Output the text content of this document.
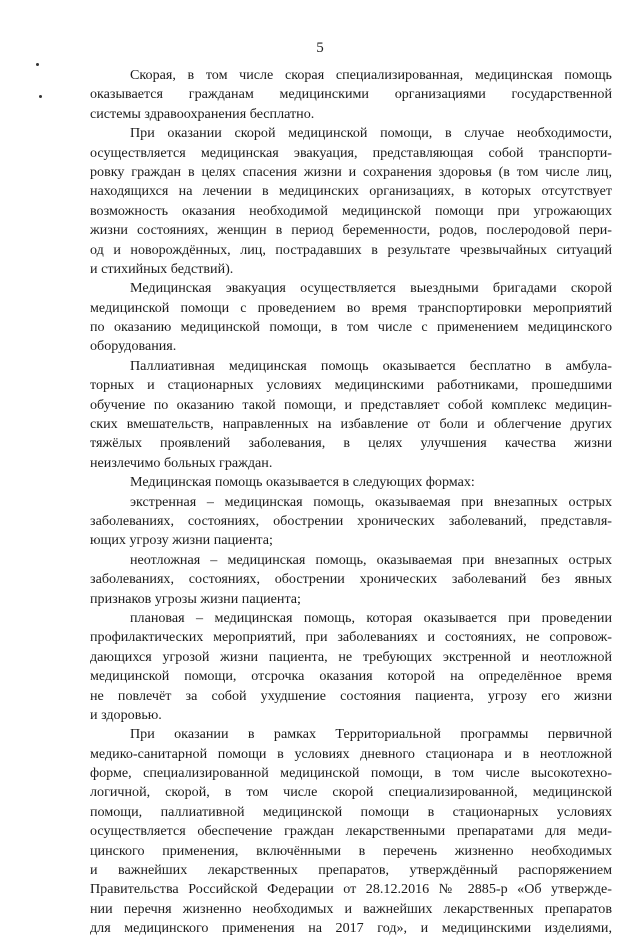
5
Скорая, в том числе скорая специализированная, медицинская помощь
оказывается гражданам медицинскими организациями государственной
системы здравоохранения бесплатно.
При оказании скорой медицинской помощи, в случае необходимости,
осуществляется медицинская эвакуация, представляющая собой транспорти-
ровку граждан в целях спасения жизни и сохранения здоровья (в том числе лиц,
находящихся на лечении в медицинских организациях, в которых отсутствует
возможность оказания необходимой медицинской помощи при угрожающих
жизни состояниях, женщин в период беременности, родов, послеродовой пери-
од и новорождённых, лиц, пострадавших в результате чрезвычайных ситуаций
и стихийных бедствий).
Медицинская эвакуация осуществляется выездными бригадами скорой
медицинской помощи с проведением во время транспортировки мероприятий
по оказанию медицинской помощи, в том числе с применением медицинского
оборудования.
Паллиативная медицинская помощь оказывается бесплатно в амбула-
торных и стационарных условиях медицинскими работниками, прошедшими
обучение по оказанию такой помощи, и представляет собой комплекс медицин-
ских вмешательств, направленных на избавление от боли и облегчение других
тяжёлых проявлений заболевания, в целях улучшения качества жизни
неизлечимо больных граждан.
Медицинская помощь оказывается в следующих формах:
экстренная – медицинская помощь, оказываемая при внезапных острых
заболеваниях, состояниях, обострении хронических заболеваний, представля-
ющих угрозу жизни пациента;
неотложная – медицинская помощь, оказываемая при внезапных острых
заболеваниях, состояниях, обострении хронических заболеваний без явных
признаков угрозы жизни пациента;
плановая – медицинская помощь, которая оказывается при проведении
профилактических мероприятий, при заболеваниях и состояниях, не сопровож-
дающихся угрозой жизни пациента, не требующих экстренной и неотложной
медицинской помощи, отсрочка оказания которой на определённое время
не повлечёт за собой ухудшение состояния пациента, угрозу его жизни
и здоровью.
При оказании в рамках Территориальной программы первичной
медико-санитарной помощи в условиях дневного стационара и в неотложной
форме, специализированной медицинской помощи, в том числе высокотехно-
логичной, скорой, в том числе скорой специализированной, медицинской
помощи, паллиативной медицинской помощи в стационарных условиях
осуществляется обеспечение граждан лекарственными препаратами для меди-
цинского применения, включёнными в перечень жизненно необходимых
и важнейших лекарственных препаратов, утверждённый распоряжением
Правительства Российской Федерации от 28.12.2016 № 2885-р «Об утвержде-
нии перечня жизненно необходимых и важнейших лекарственных препаратов
для медицинского применения на 2017 год», и медицинскими изделиями,
